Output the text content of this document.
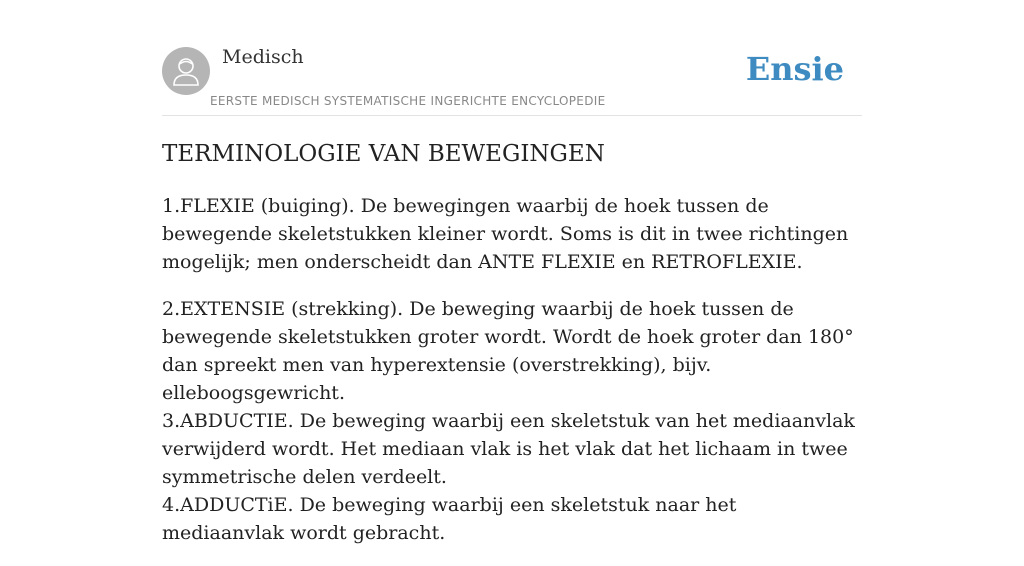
Medisch
EERSTE MEDISCH SYSTEMATISCHE INGERICHTE ENCYCLOPEDIE
Ensie
TERMINOLOGIE VAN BEWEGINGEN

1.FLEXIE (buiging). De bewegingen waarbij de hoek tussen de bewegende skeletstukken kleiner wordt. Soms is dit in twee richtingen mogelijk; men onderscheidt dan ANTE FLEXIE en RETROFLEXIE.

2.EXTENSIE (strekking). De beweging waarbij de hoek tussen de bewegende skeletstukken groter wordt. Wordt de hoek groter dan 180° dan spreekt men van hyperextensie (overstrekking), bijv. elleboogsgewricht.
3.ABDUCTIE. De beweging waarbij een skeletstuk van het mediaanvlak verwijderd wordt. Het mediaan vlak is het vlak dat het lichaam in twee symmetrische delen verdeelt.
4.ADDUCTiE. De beweging waarbij een skeletstuk naar het mediaanvlak wordt gebracht.
